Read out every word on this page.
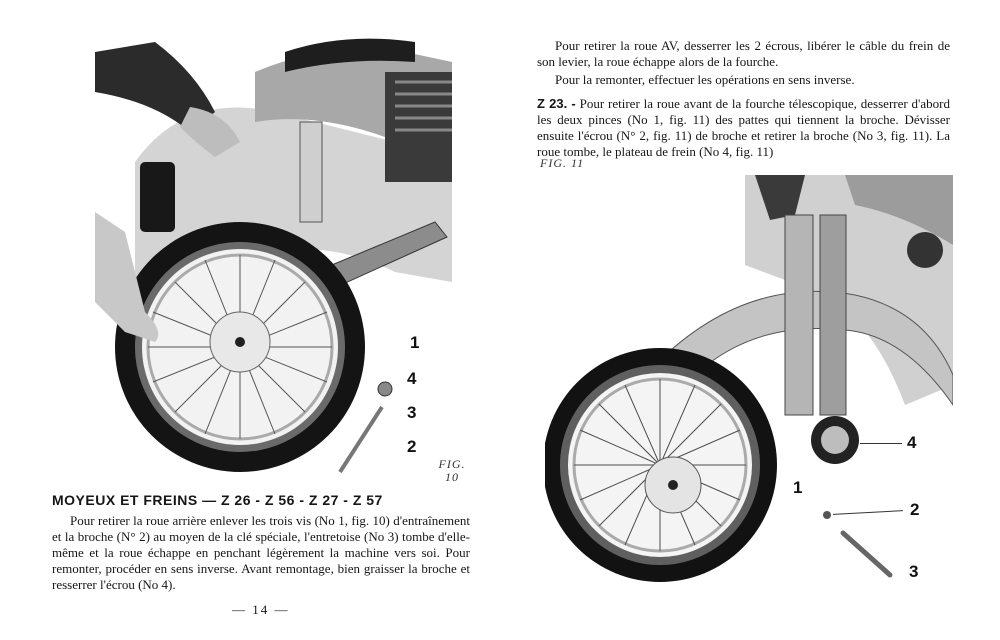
1
4
3
2
FIG.
10
MOYEUX ET FREINS — Z 26 - Z 56 - Z 27 - Z 57

Pour retirer la roue arrière enlever les trois vis (No 1, fig. 10) d'entraînement et la broche (N° 2) au moyen de la clé spéciale, l'entretoise (No 3) tombe d'elle-même et la roue échappe en penchant légèrement la machine vers soi. Pour remonter, procéder en sens inverse. Avant remontage, bien graisser la broche et resserrer l'écrou (No 4).

— 14 —

Pour retirer la roue AV, desserrer les 2 écrous, libérer le câble du frein de son levier, la roue échappe alors de la fourche.

Pour la remonter, effectuer les opérations en sens inverse.

Z 23. - Pour retirer la roue avant de la fourche télescopique, desserrer d'abord les deux pinces (No 1, fig. 11) des pattes qui tiennent la broche. Dévisser ensuite l'écrou (N° 2, fig. 11) de broche et retirer la broche (No 3, fig. 11). La roue tombe, le plateau de frein (No 4, fig. 11)

FIG. 11
4
1
2
3
